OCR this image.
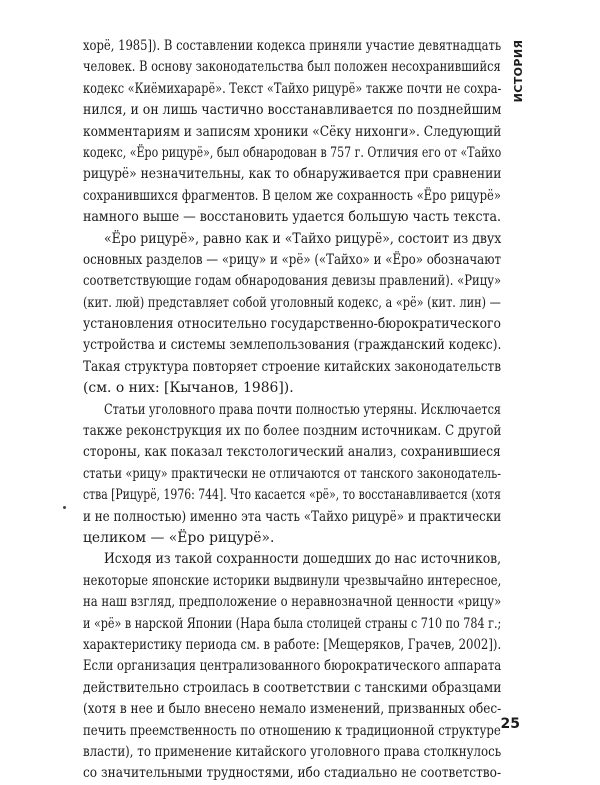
ИСТОРИЯ
хорё, 1985]). В составлении кодекса приняли участие девятнадцать
человек. В основу законодательства был положен несохранившийся
кодекс «Киёмихарарё». Текст «Тайхо рицурё» также почти не сохра-
нился, и он лишь частично восстанавливается по позднейшим
комментариям и записям хроники «Сёку нихонги». Следующий
кодекс, «Ёро рицурё», был обнародован в 757 г. Отличия его от «Тайхо
рицурё» незначительны, как то обнаруживается при сравнении
сохранившихся фрагментов. В целом же сохранность «Ёро рицурё»
намного выше — восстановить удается большую часть текста.
«Ёро рицурё», равно как и «Тайхо рицурё», состоит из двух
основных разделов — «рицу» и «рё» («Тайхо» и «Ёро» обозначают
соответствующие годам обнародования девизы правлений). «Рицу»
(кит. люй) представляет собой уголовный кодекс, а «рё» (кит. лин) —
установления относительно государственно-бюрократического
устройства и системы землепользования (гражданский кодекс).
Такая структура повторяет строение китайских законодательств
(см. о них: [Кычанов, 1986]).
Статьи уголовного права почти полностью утеряны. Исключается
также реконструкция их по более поздним источникам. С другой
стороны, как показал текстологический анализ, сохранившиеся
статьи «рицу» практически не отличаются от танского законодатель-
ства [Рицурё, 1976: 744]. Что касается «рё», то восстанавливается (хотя
и не полностью) именно эта часть «Тайхо рицурё» и практически
целиком — «Ёро рицурё».
Исходя из такой сохранности дошедших до нас источников,
некоторые японские историки выдвинули чрезвычайно интересное,
на наш взгляд, предположение о неравнозначной ценности «рицу»
и «рё» в нарской Японии (Нара была столицей страны с 710 по 784 г.;
характеристику периода см. в работе: [Мещеряков, Грачев, 2002]).
Если организация централизованного бюрократического аппарата
действительно строилась в соответствии с танскими образцами
(хотя в нее и было внесено немало изменений, призванных обес-
печить преемственность по отношению к традиционной структуре
власти), то применение китайского уголовного права столкнулось
со значительными трудностями, ибо стадиально не соответство-
25
